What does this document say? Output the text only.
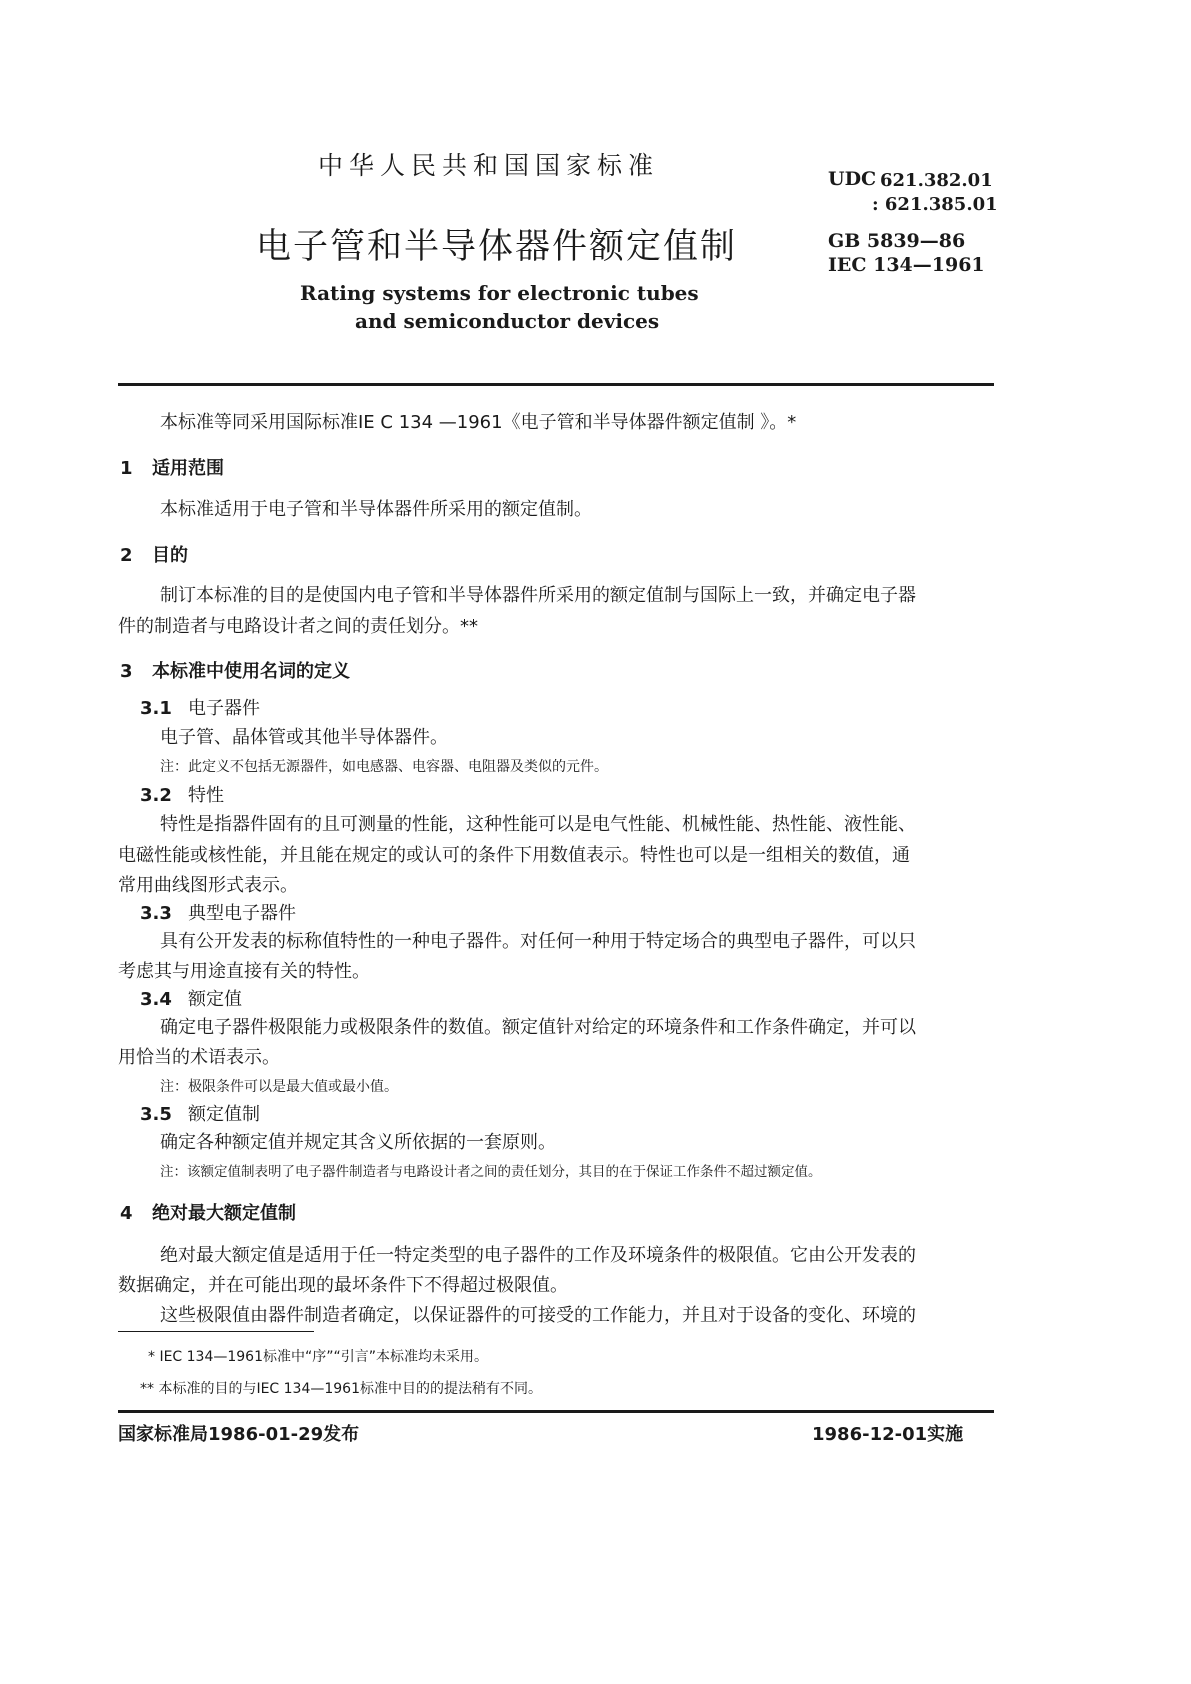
中华人民共和国国家标准	UDC 621.382.01
: 621.385.01
电子管和半导体器件额定值制	GB 5839—86
IEC 134—1961
Rating systems for electronic tubes
and semiconductor devices
本标准等同采用国际标准IE C 134 —1961《电子管和半导体器件额定值制 》。*
1 适用范围
本标准适用于电子管和半导体器件所采用的额定值制。
2 目的
制订本标准的目的是使国内电子管和半导体器件所采用的额定值制与国际上一致，并确定电子器
件的制造者与电路设计者之间的责任划分。**
3 本标准中使用名词的定义
3.1 电子器件
电子管、晶体管或其他半导体器件。
注：此定义不包括无源器件，如电感器、电容器、电阻器及类似的元件。
3.2 特性
特性是指器件固有的且可测量的性能，这种性能可以是电气性能、机械性能、热性能、液性能、
电磁性能或核性能，并且能在规定的或认可的条件下用数值表示。特性也可以是一组相关的数值，通
常用曲线图形式表示。
3.3 典型电子器件
具有公开发表的标称值特性的一种电子器件。对任何一种用于特定场合的典型电子器件，可以只
考虑其与用途直接有关的特性。
3.4 额定值
确定电子器件极限能力或极限条件的数值。额定值针对给定的环境条件和工作条件确定，并可以
用恰当的术语表示。
注：极限条件可以是最大值或最小值。
3.5 额定值制
确定各种额定值并规定其含义所依据的一套原则。
注：该额定值制表明了电子器件制造者与电路设计者之间的责任划分，其目的在于保证工作条件不超过额定值。
4 绝对最大额定值制
绝对最大额定值是适用于任一特定类型的电子器件的工作及环境条件的极限值。它由公开发表的
数据确定，并在可能出现的最坏条件下不得超过极限值。
这些极限值由器件制造者确定，以保证器件的可接受的工作能力，并且对于设备的变化、环境的
* IEC 134—1961标准中“序”“引言”本标准均未采用。
** 本标准的目的与IEC 134—1961标准中目的的提法稍有不同。
国家标准局1986-01-29发布	1986-12-01实施
